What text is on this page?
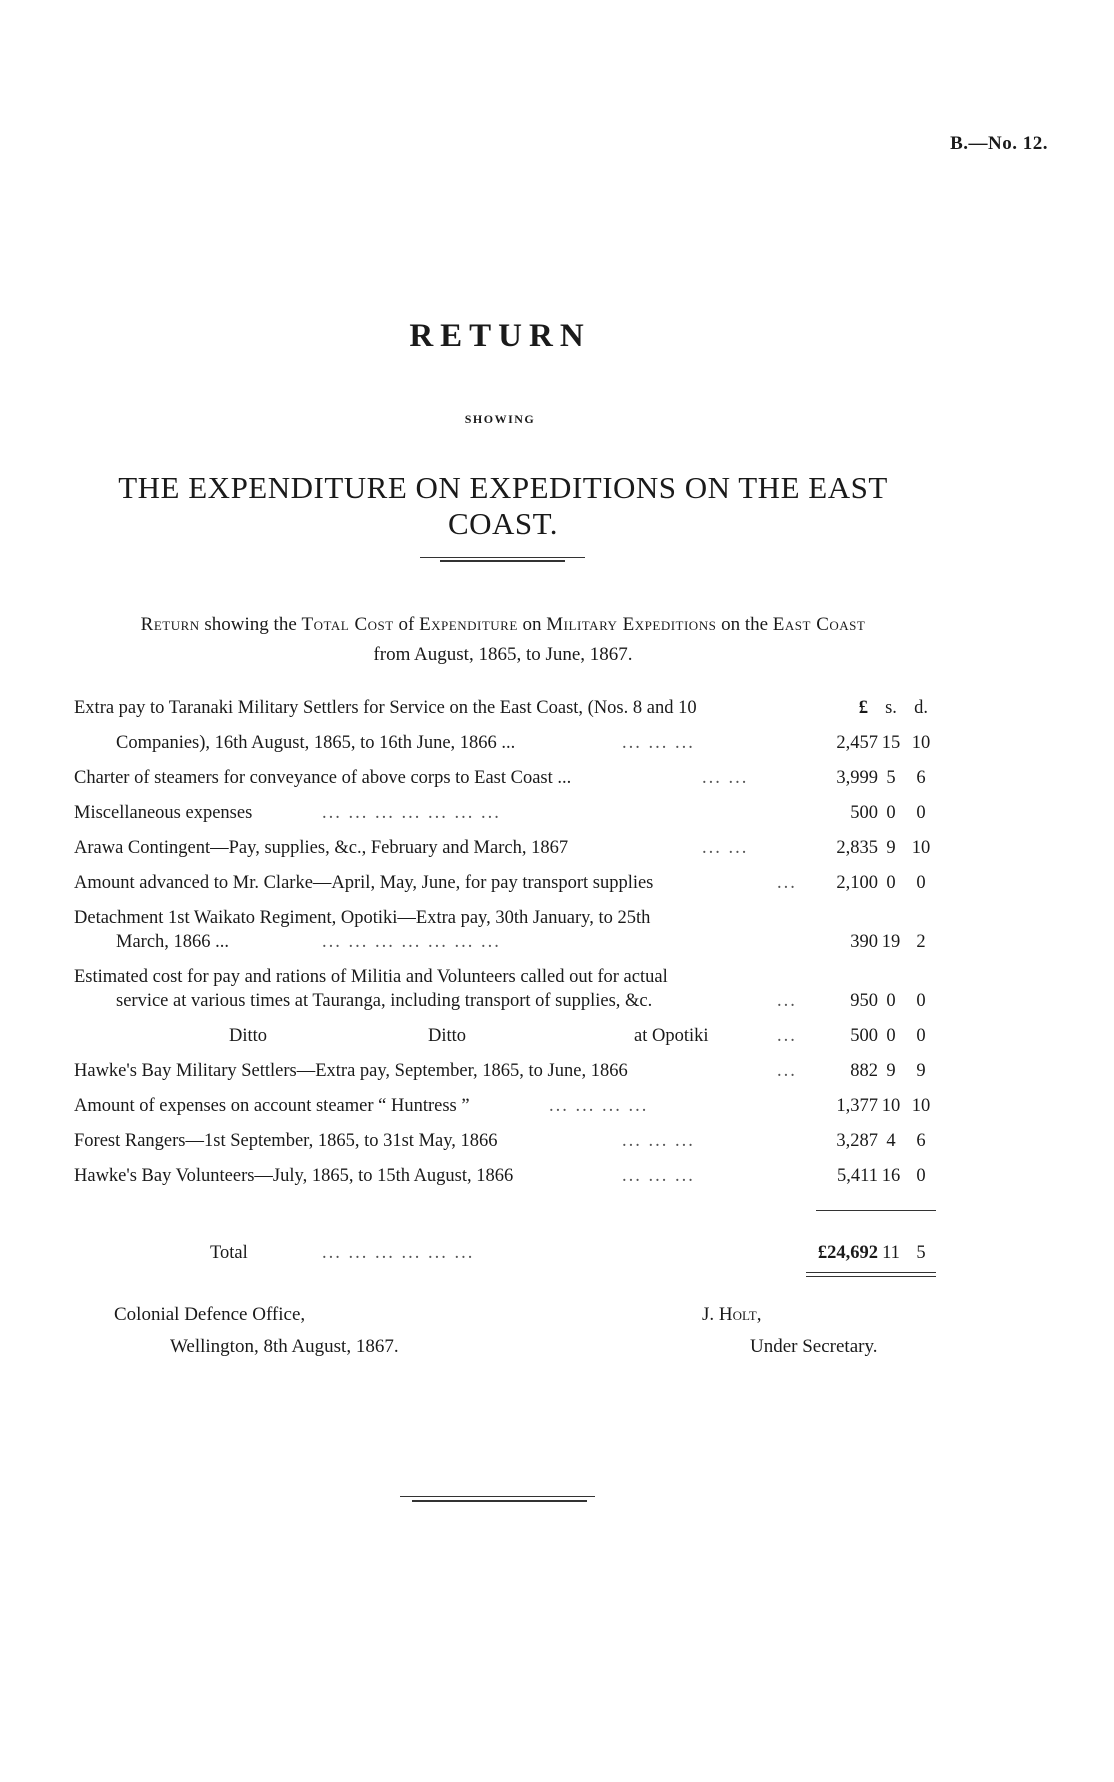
B.—No. 12.
RETURN
SHOWING
THE EXPENDITURE ON EXPEDITIONS ON THE EAST COAST.
Return showing the Total Cost of Expenditure on Military Expeditions on the East Coast
from August, 1865, to June, 1867.
Extra pay to Taranaki Military Settlers for Service on the East Coast, (Nos. 8 and 10	£ s. d.
Companies), 16th August, 1865, to 16th June, 1866 ...	... ... ...	2,457 15 10
Charter of steamers for conveyance of above corps to East Coast ...	... ...	3,999 5	6
Miscellaneous expenses	... ... ... ... ... ... ...	500 0	0
Arawa Contingent—Pay, supplies, &c., February and March, 1867	... ...	2,835 9 10
Amount advanced to Mr. Clarke—April, May, June, for pay transport supplies	... 2,100 0	0
Detachment 1st Waikato Regiment, Opotiki—Extra pay, 30th January, to 25th
March, 1866 ...	... ... ... ... ... ... ...	390 19 2
Estimated cost for pay and rations of Militia and Volunteers called out for actual
service at various times at Tauranga, including transport of supplies, &c.	...	950 0	0
Ditto	Ditto	at Opotiki	...	500 0	0
Hawke's Bay Military Settlers—Extra pay, September, 1865, to June, 1866	...	882 9	9
Amount of expenses on account steamer “ Huntress ”	... ... ... ...	1,377 10 10
Forest Rangers—1st September, 1865, to 31st May, 1866	... ... ...	3,287 4	6
Hawke's Bay Volunteers—July, 1865, to 15th August, 1866	... ... ...	5,411 16 0
Total	... ... ... ... ... ...	£24,692 11 5
Colonial Defence Office,
Wellington, 8th August, 1867.
J. Holt,
Under Secretary.
